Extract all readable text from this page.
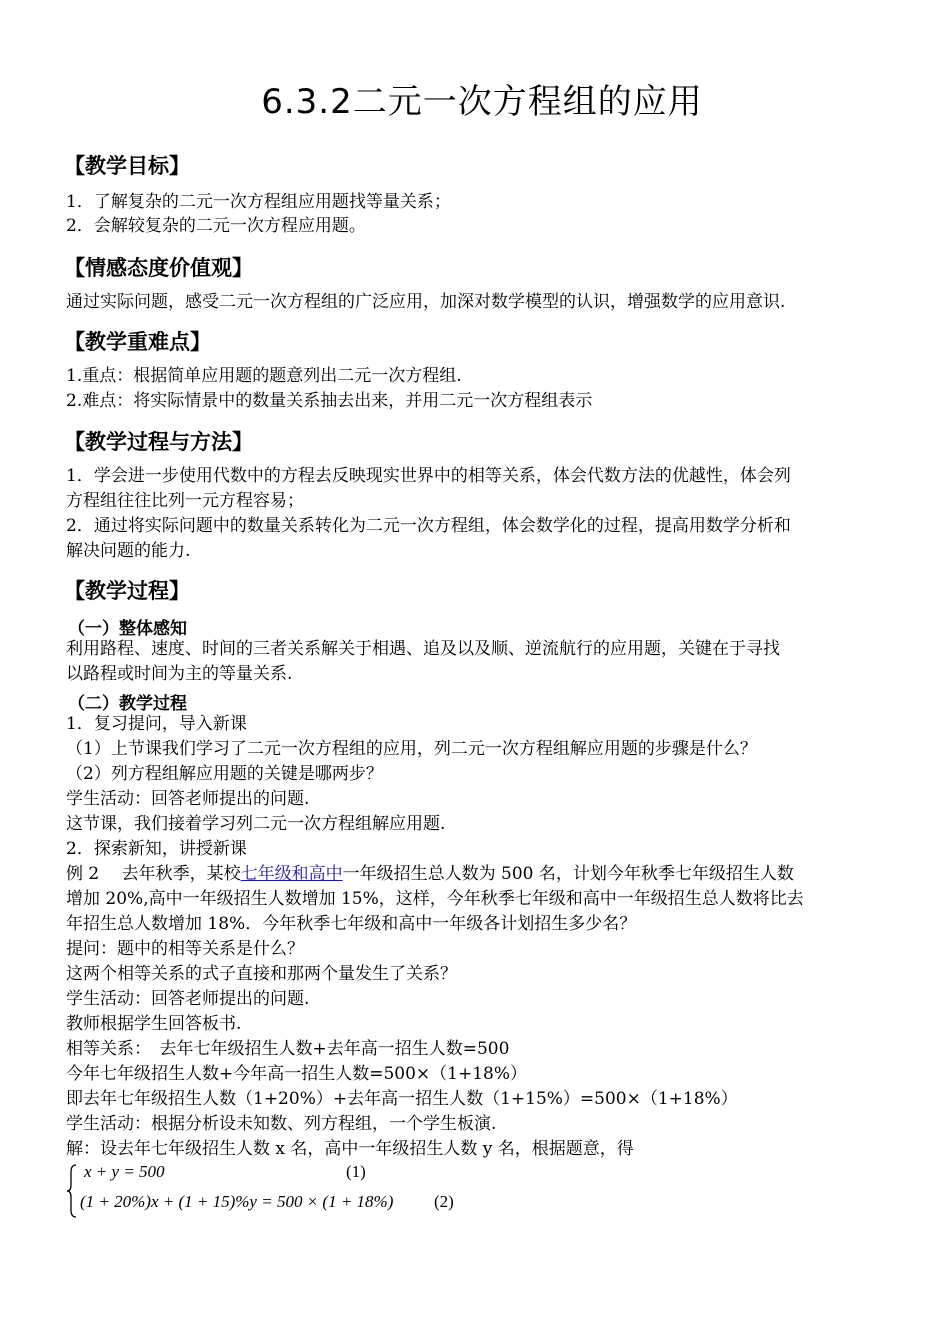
6.3.2二元一次方程组的应用
【教学目标】
1．了解复杂的二元一次方程组应用题找等量关系；
2．会解较复杂的二元一次方程应用题。
【情感态度价值观】
通过实际问题，感受二元一次方程组的广泛应用，加深对数学模型的认识，增强数学的应用意识.
【教学重难点】
1.重点：根据简单应用题的题意列出二元一次方程组.
2.难点：将实际情景中的数量关系抽去出来，并用二元一次方程组表示
【教学过程与方法】
1．学会进一步使用代数中的方程去反映现实世界中的相等关系，体会代数方法的优越性，体会列
方程组往往比列一元方程容易；
2．通过将实际问题中的数量关系转化为二元一次方程组，体会数学化的过程，提高用数学分析和
解决问题的能力.
【教学过程】
（一）整体感知
利用路程、速度、时间的三者关系解关于相遇、追及以及顺、逆流航行的应用题，关键在于寻找
以路程或时间为主的等量关系.
（二）教学过程
1．复习提问，导入新课
（1）上节课我们学习了二元一次方程组的应用，列二元一次方程组解应用题的步骤是什么？
（2）列方程组解应用题的关键是哪两步？
学生活动：回答老师提出的问题.
这节课，我们接着学习列二元一次方程组解应用题.
2．探索新知，讲授新课
例 2　 去年秋季，某校七年级和高中一年级招生总人数为 500 名，计划今年秋季七年级招生人数
增加 20%,高中一年级招生人数增加 15%，这样，今年秋季七年级和高中一年级招生总人数将比去
年招生总人数增加 18%．今年秋季七年级和高中一年级各计划招生多少名？
提问：题中的相等关系是什么？
这两个相等关系的式子直接和那两个量发生了关系？
学生活动：回答老师提出的问题.
教师根据学生回答板书.
相等关系：　去年七年级招生人数+去年高一招生人数=500
今年七年级招生人数+今年高一招生人数=500×（1+18%）
即去年七年级招生人数（1+20%）+去年高一招生人数（1+15%）=500×（1+18%）
学生活动：根据分析设未知数、列方程组，一个学生板演.
解：设去年七年级招生人数 x 名，高中一年级招生人数 y 名，根据题意，得
x + y = 500	(1)
(1 + 20%)x + (1 + 15)%y = 500 × (1 + 18%) (2)
